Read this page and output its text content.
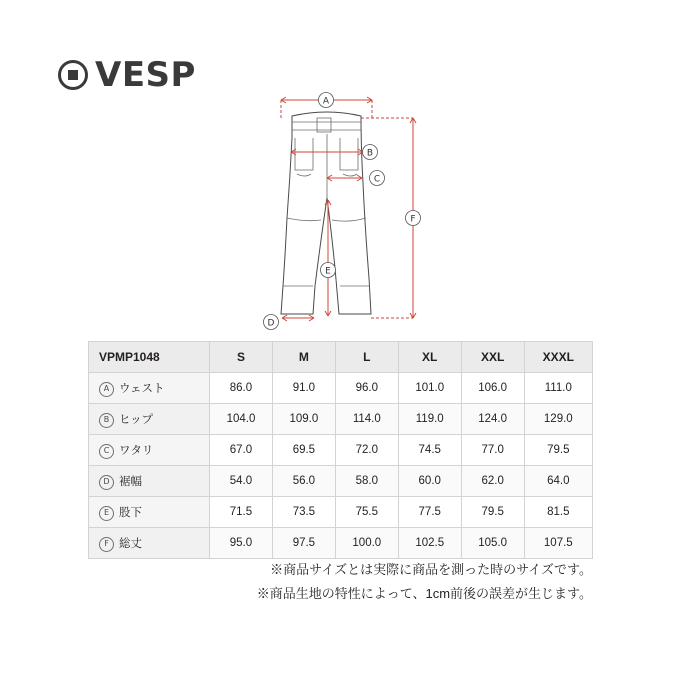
VESP
A
B
C
D
E
F
VPMP1048	S	M	L	XL	XXL	XXXL
A ウェスト	86.0	91.0	96.0	101.0	106.0	111.0
B ヒップ	104.0	109.0	114.0	119.0	124.0	129.0
C ワタリ	67.0	69.5	72.0	74.5	77.0	79.5
D 裾幅	54.0	56.0	58.0	60.0	62.0	64.0
E 股下	71.5	73.5	75.5	77.5	79.5	81.5
F 総丈	95.0	97.5	100.0	102.5	105.0	107.5
※商品サイズとは実際に商品を測った時のサイズです。
※商品生地の特性によって、1cm前後の誤差が生じます。
